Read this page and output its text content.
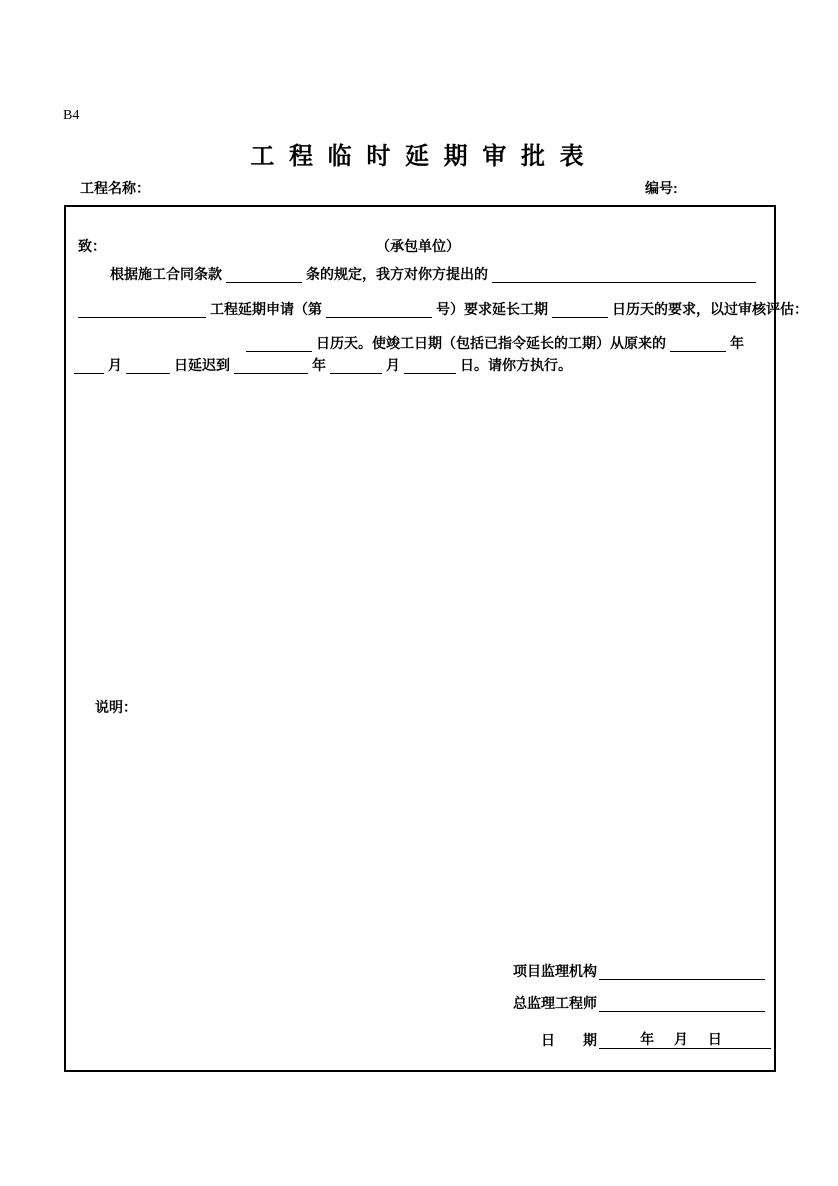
B4
工 程 临 时 延 期 审 批 表
工程名称：	编号:
致：	（承包单位）
根据施工合同条款	条的规定，我方对你方提出的
工程延期申请（第	号）要求延长工期	日历天的要求，以过审核评估：
日历天。使竣工日期（包括已指令延长的工期）从原来的	年
月	日延迟到	年	月	日。请你方执行。
说明：
项目监理机构
总监理工程师
日　　期	年 月 日
